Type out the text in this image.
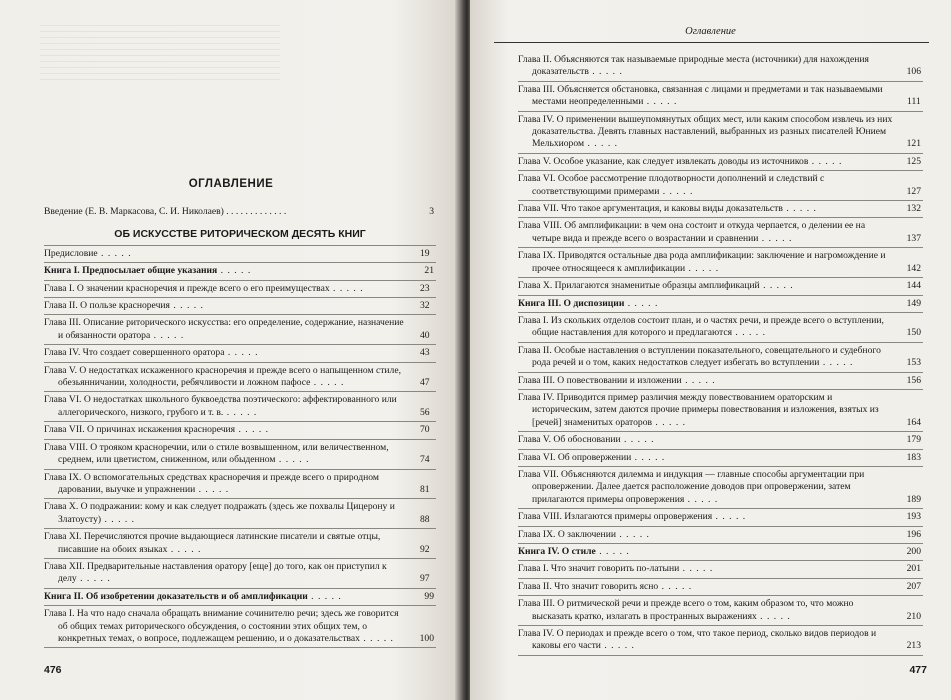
ОГЛАВЛЕНИЕ
Введение (Е. В. Маркасова, С. И. Николаев) . . . . . . . . . . . . .	3
ОБ ИСКУССТВЕ РИТОРИЧЕСКОМ ДЕСЯТЬ КНИГ
Предисловие . . . . .	19
Книга I. Предпосылает общие указания . . . . .	21
Глава I. О значении красноречия и прежде всего о его преимуществах . . . . .	23
Глава II. О пользе красноречия . . . . .	32
Глава III. Описание риторического искусства: его определение, содержание, назначение и обязанности оратора . . . . .	40
Глава IV. Что создает совершенного оратора . . . . .	43
Глава V. О недостатках искаженного красноречия и прежде всего о напыщенном стиле, обезьянничании, холодности, ребячливости и ложном пафосе . . . . .	47
Глава VI. О недостатках школьного буквоедства поэтического: аффектированного или аллегорического, низкого, грубого и т. в. . . . . .	56
Глава VII. О причинах искажения красноречия . . . . .	70
Глава VIII. О трояком красноречии, или о стиле возвышенном, или величественном, среднем, или цветистом, сниженном, или обыденном . . . . .	74
Глава IX. О вспомогательных средствах красноречия и прежде всего о природном даровании, выучке и упражнении . . . . .	81
Глава X. О подражании: кому и как следует подражать (здесь же похвалы Цицерону и Златоусту) . . . . .	88
Глава XI. Перечисляются прочие выдающиеся латинские писатели и святые отцы, писавшие на обоих языках . . . . .	92
Глава XII. Предварительные наставления оратору [еще] до того, как он приступил к делу . . . . .	97
Книга II. Об изобретении доказательств и об амплификации . . . . .	99
Глава I. На что надо сначала обращать внимание сочинителю речи; здесь же говорится об общих темах риторического обсуждения, о состоянии этих общих тем, о конкретных темах, о вопросе, подлежащем решению, и о доказательствах . . . . .	100
476
Оглавление
Глава II. Объясняются так называемые природные места (источники) для нахождения доказательств . . . . .	106
Глава III. Объясняется обстановка, связанная с лицами и предметами и так называемыми местами неопределенными . . . . .	111
Глава IV. О применении вышеупомянутых общих мест, или каким способом извлечь из них доказательства. Девять главных наставлений, выбранных из разных писателей Юнием Мельхиором . . . . .	121
Глава V. Особое указание, как следует извлекать доводы из источников . . . . .	125
Глава VI. Особое рассмотрение плодотворности дополнений и следствий с соответствующими примерами . . . . .	127
Глава VII. Что такое аргументация, и каковы виды доказательств . . . . .	132
Глава VIII. Об амплификации: в чем она состоит и откуда черпается, о делении ее на четыре вида и прежде всего о возрастании и сравнении . . . . .	137
Глава IX. Приводятся остальные два рода амплификации: заключение и нагромождение и прочее относящееся к амплификации . . . . .	142
Глава X. Прилагаются знаменитые образцы амплификаций . . . . .	144
Книга III. О диспозиции . . . . .	149
Глава I. Из скольких отделов состоит план, и о частях речи, и прежде всего о вступлении, общие наставления для которого и предлагаются . . . . .	150
Глава II. Особые наставления о вступлении показательного, совещательного и судебного рода речей и о том, каких недостатков следует избегать во вступлении . . . . .	153
Глава III. О повествовании и изложении . . . . .	156
Глава IV. Приводится пример различия между повествованием ораторским и историческим, затем даются прочие примеры повествования и изложения, взятых из [речей] знаменитых ораторов . . . . .	164
Глава V. Об обосновании . . . . .	179
Глава VI. Об опровержении . . . . .	183
Глава VII. Объясняются дилемма и индукция — главные способы аргументации при опровержении. Далее дается расположение доводов при опровержении, затем прилагаются примеры опровержения . . . . .	189
Глава VIII. Излагаются примеры опровержения . . . . .	193
Глава IX. О заключении . . . . .	196
Книга IV. О стиле . . . . .	200
Глава I. Что значит говорить по-латыни . . . . .	201
Глава II. Что значит говорить ясно . . . . .	207
Глава III. О ритмической речи и прежде всего о том, каким образом то, что можно высказать кратко, излагать в пространных выражениях . . . . .	210
Глава IV. О периодах и прежде всего о том, что такое период, сколько видов периодов и каковы его части . . . . .	213
477
